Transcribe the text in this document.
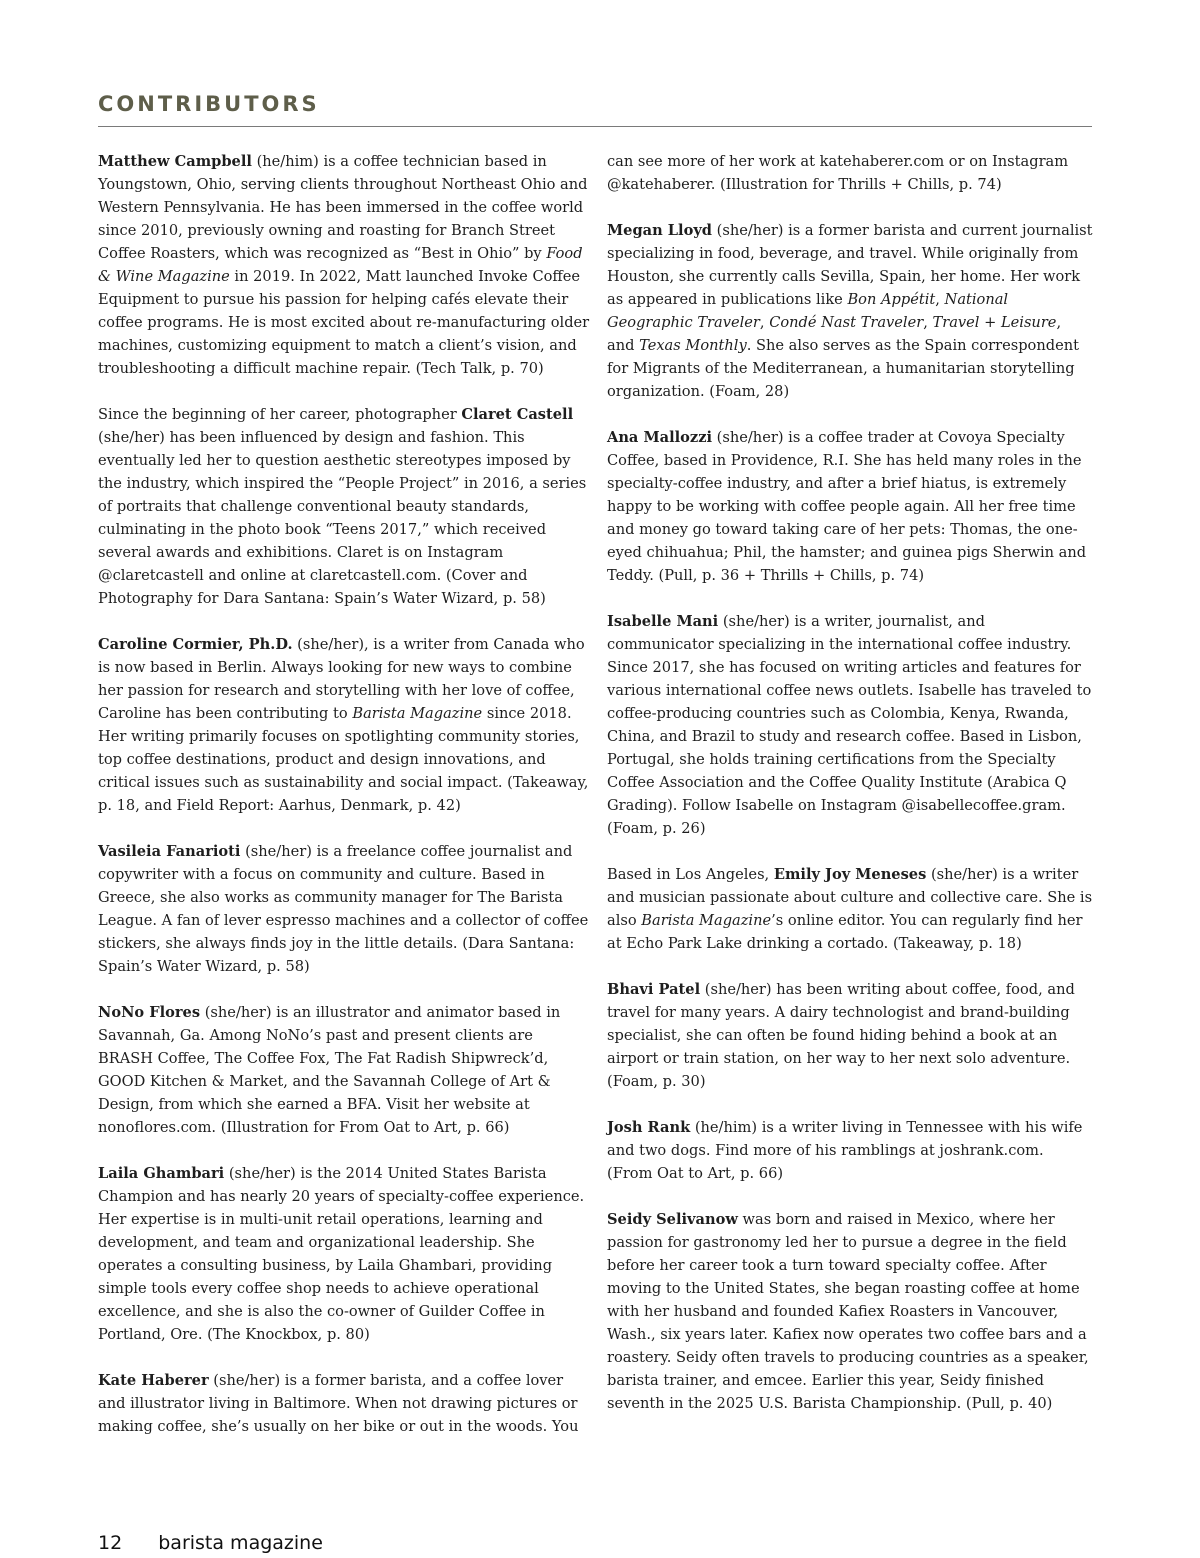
CONTRIBUTORS

Matthew Campbell (he/him) is a coffee technician based in Youngstown, Ohio, serving clients throughout Northeast Ohio and Western Pennsylvania. He has been immersed in the coffee world since 2010, previously owning and roasting for Branch Street Coffee Roasters, which was recognized as “Best in Ohio” by Food & Wine Magazine in 2019. In 2022, Matt launched Invoke Coffee Equipment to pursue his passion for helping cafés elevate their coffee programs. He is most excited about re-manufacturing older machines, customizing equipment to match a client’s vision, and troubleshooting a difficult machine repair. (Tech Talk, p. 70)

Since the beginning of her career, photographer Claret Castell (she/her) has been influenced by design and fashion. This eventually led her to question aesthetic stereotypes imposed by the industry, which inspired the “People Project” in 2016, a series of portraits that challenge conventional beauty standards, culminating in the photo book “Teens 2017,” which received several awards and exhibitions. Claret is on Instagram @claretcastell and online at claretcastell.com. (Cover and Photography for Dara Santana: Spain’s Water Wizard, p. 58)

Caroline Cormier, Ph.D. (she/her), is a writer from Canada who is now based in Berlin. Always looking for new ways to combine her passion for research and storytelling with her love of coffee, Caroline has been contributing to Barista Magazine since 2018. Her writing primarily focuses on spotlighting community stories, top coffee destinations, product and design innovations, and critical issues such as sustainability and social impact. (Takeaway, p. 18, and Field Report: Aarhus, Denmark, p. 42)

Vasileia Fanarioti (she/her) is a freelance coffee journalist and copywriter with a focus on community and culture. Based in Greece, she also works as community manager for The Barista League. A fan of lever espresso machines and a collector of coffee stickers, she always finds joy in the little details. (Dara Santana: Spain’s Water Wizard, p. 58)

NoNo Flores (she/her) is an illustrator and animator based in Savannah, Ga. Among NoNo’s past and present clients are BRASH Coffee, The Coffee Fox, The Fat Radish Shipwreck’d, GOOD Kitchen & Market, and the Savannah College of Art & Design, from which she earned a BFA. Visit her website at nonoflores.com. (Illustration for From Oat to Art, p. 66)

Laila Ghambari (she/her) is the 2014 United States Barista Champion and has nearly 20 years of specialty-coffee experience. Her expertise is in multi-unit retail operations, learning and development, and team and organizational leadership. She operates a consulting business, by Laila Ghambari, providing simple tools every coffee shop needs to achieve operational excellence, and she is also the co-owner of Guilder Coffee in Portland, Ore. (The Knockbox, p. 80)

Kate Haberer (she/her) is a former barista, and a coffee lover and illustrator living in Baltimore. When not drawing pictures or making coffee, she’s usually on her bike or out in the woods. You

can see more of her work at katehaberer.com or on Instagram @katehaberer. (Illustration for Thrills + Chills, p. 74)

Megan Lloyd (she/her) is a former barista and current journalist specializing in food, beverage, and travel. While originally from Houston, she currently calls Sevilla, Spain, her home. Her work as appeared in publications like Bon Appétit, National Geographic Traveler, Condé Nast Traveler, Travel + Leisure, and Texas Monthly. She also serves as the Spain correspondent for Migrants of the Mediterranean, a humanitarian storytelling organization. (Foam, 28)

Ana Mallozzi (she/her) is a coffee trader at Covoya Specialty Coffee, based in Providence, R.I. She has held many roles in the specialty-coffee industry, and after a brief hiatus, is extremely happy to be working with coffee people again. All her free time and money go toward taking care of her pets: Thomas, the one-eyed chihuahua; Phil, the hamster; and guinea pigs Sherwin and Teddy. (Pull, p. 36 + Thrills + Chills, p. 74)

Isabelle Mani (she/her) is a writer, journalist, and communicator specializing in the international coffee industry. Since 2017, she has focused on writing articles and features for various international coffee news outlets. Isabelle has traveled to coffee-producing countries such as Colombia, Kenya, Rwanda, China, and Brazil to study and research coffee. Based in Lisbon, Portugal, she holds training certifications from the Specialty Coffee Association and the Coffee Quality Institute (Arabica Q Grading). Follow Isabelle on Instagram @isabellecoffee.gram. (Foam, p. 26)

Based in Los Angeles, Emily Joy Meneses (she/her) is a writer and musician passionate about culture and collective care. She is also Barista Magazine’s online editor. You can regularly find her at Echo Park Lake drinking a cortado. (Takeaway, p. 18)

Bhavi Patel (she/her) has been writing about coffee, food, and travel for many years. A dairy technologist and brand-building specialist, she can often be found hiding behind a book at an airport or train station, on her way to her next solo adventure. (Foam, p. 30)

Josh Rank (he/him) is a writer living in Tennessee with his wife and two dogs. Find more of his ramblings at joshrank.com. (From Oat to Art, p. 66)

Seidy Selivanow was born and raised in Mexico, where her passion for gastronomy led her to pursue a degree in the field before her career took a turn toward specialty coffee. After moving to the United States, she began roasting coffee at home with her husband and founded Kafiex Roasters in Vancouver, Wash., six years later. Kafiex now operates two coffee bars and a roastery. Seidy often travels to producing countries as a speaker, barista trainer, and emcee. Earlier this year, Seidy finished seventh in the 2025 U.S. Barista Championship. (Pull, p. 40)

12 barista magazine
